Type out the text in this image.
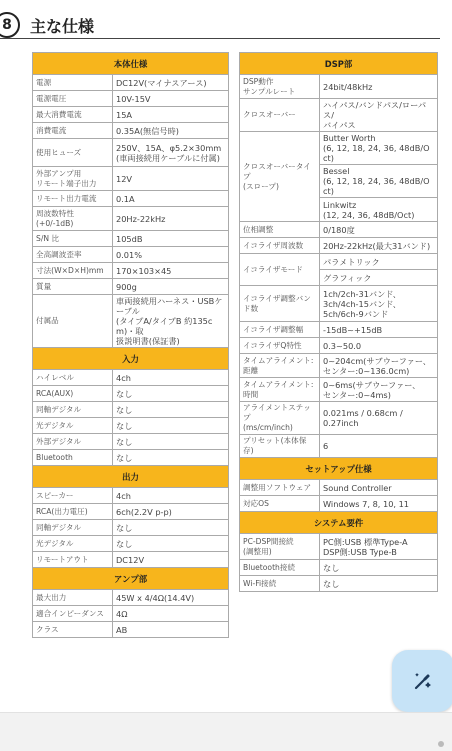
8	主な仕様
本体仕様	
電源	DC12V(マイナスアース)
電源電圧	10V-15V
最大消費電流	15A
消費電流	0.35A(無信号時)
使用ヒューズ	250V、15A、φ5.2×30mm
(車両接続用ケーブルに付属)
外部アンプ用
リモート端子出力	12V
リモート出力電流	0.1A
周波数特性
(+0/-1dB)	20Hz-22kHz
S/N 比	105dB
全高調波歪率	0.01%
寸法(W×D×H)mm	170×103×45
質量	900g
付属品	車両接続用ハーネス・USBケーブル
(タイプA/タイプB 約135cm)・取
扱説明書(保証書)
入力	
ハイレベル	4ch
RCA(AUX)	なし
同軸デジタル	なし
光デジタル	なし
外部デジタル	なし
Bluetooth	なし
出力	
スピーカー	4ch
RCA(出力電圧)	6ch(2.2V p-p)
同軸デジタル	なし
光デジタル	なし
リモートアウト	DC12V
アンプ部	
最大出力	45W x 4/4Ω(14.4V)
適合インピーダンス	4Ω
クラス	AB
DSP部	
DSP動作
サンプルレート	24bit/48kHz
クロスオーバー	ハイパス/バンドパス/ローパス/
バイパス
クロスオーバータイプ
(スロープ)	Butter Worth
(6, 12, 18, 24, 36, 48dB/Oct)
	Bessel
(6, 12, 18, 24, 36, 48dB/Oct)
	Linkwitz
(12, 24, 36, 48dB/Oct)
位相調整	0/180度
イコライザ周波数	20Hz-22kHz(最大31バンド)
イコライザモード	パラメトリック
	グラフィック
イコライザ調整バンド数	1ch/2ch-31バンド、
3ch/4ch-15バンド、
5ch/6ch-9バンド
イコライザ調整幅	-15dB~+15dB
イコライザQ特性	0.3~50.0
タイムアライメント:距離	0~204cm(サブウーファー、
センター:0~136.0cm)
タイムアライメント:時間	0~6ms(サブウーファー、
センター:0~4ms)
アライメントステップ
(ms/cm/inch)	0.021ms / 0.68cm /
0.27inch
プリセット(本体保存)	6
セットアップ仕様	
調整用ソフトウェア	Sound Controller
対応OS	Windows 7, 8, 10, 11
システム要件	
PC-DSP間接続
(調整用)	PC側:USB 標準Type-A
DSP側:USB Type-B
Bluetooth接続	なし
Wi-Fi接続	なし
